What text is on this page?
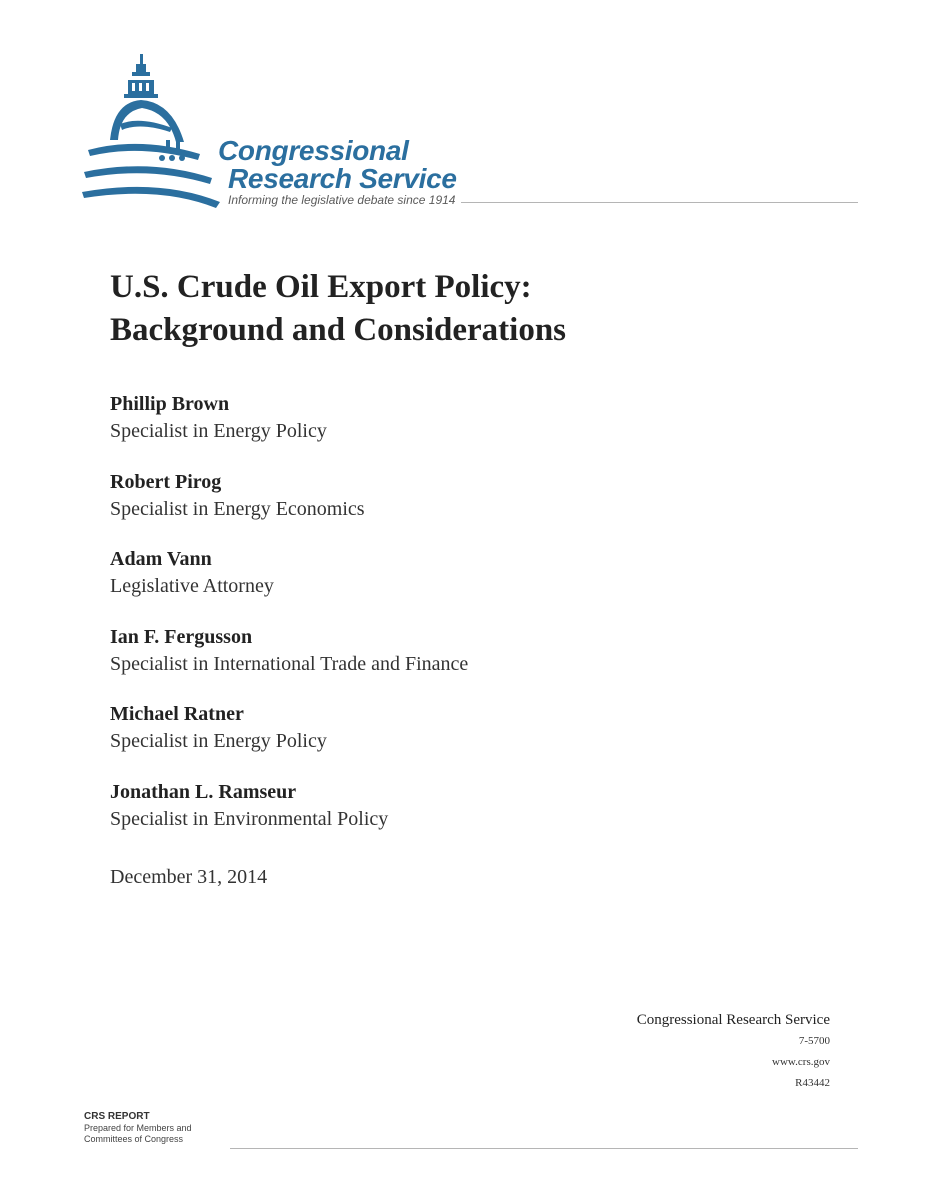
Congressional
Research Service
Informing the legislative debate since 1914
U.S. Crude Oil Export Policy:
Background and Considerations
Phillip Brown
Specialist in Energy Policy
Robert Pirog
Specialist in Energy Economics
Adam Vann
Legislative Attorney
Ian F. Fergusson
Specialist in International Trade and Finance
Michael Ratner
Specialist in Energy Policy
Jonathan L. Ramseur
Specialist in Environmental Policy
December 31, 2014
Congressional Research Service
7-5700
www.crs.gov
R43442
CRS REPORT
Prepared for Members and
Committees of Congress
